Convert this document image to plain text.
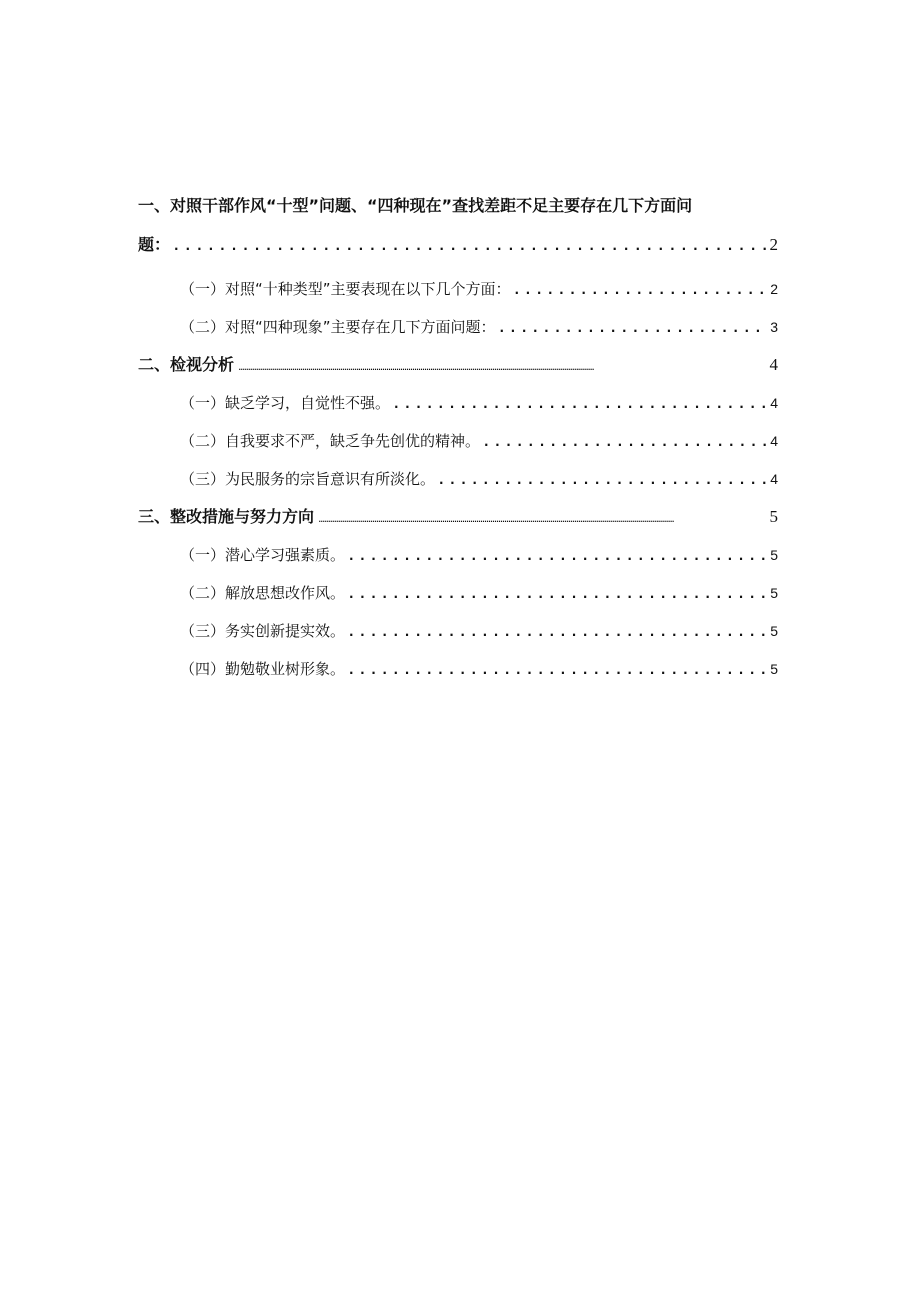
一、对照干部作风“十型”问题、“四种现在”查找差距不足主要存在几下方面问
题： . . .	2
（一）对照“十种类型”主要表现在以下几个方面： . . .	2
（二）对照“四种现象”主要存在几下方面问题： . . .	3
二、检视分析 .....	4
（一）缺乏学习，自觉性不强。 . . .	4
（二）自我要求不严，缺乏争先创优的精神。 . . .	4
（三）为民服务的宗旨意识有所淡化。 . . .	4
三、整改措施与努力方向 .....	5
（一）潜心学习强素质。 . . .	5
（二）解放思想改作风。 . . .	5
（三）务实创新提实效。 . . .	5
（四）勤勉敬业树形象。 . . .	5
